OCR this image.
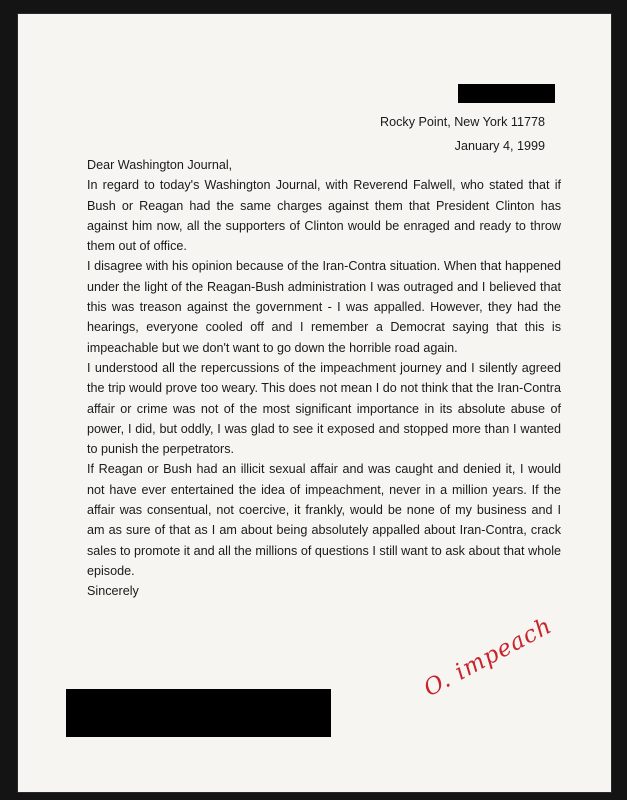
Rocky Point, New York 11778
January 4, 1999
Dear Washington Journal,

In regard to today's Washington Journal, with Reverend Falwell, who stated that if Bush or Reagan had the same charges against them that President Clinton has against him now, all the supporters of Clinton would be enraged and ready to throw them out of office.

I disagree with his opinion because of the Iran-Contra situation. When that happened under the light of the Reagan-Bush administration I was outraged and I believed that this was treason against the government - I was appalled. However, they had the hearings, everyone cooled off and I remember a Democrat saying that this is impeachable but we don't want to go down the horrible road again.

I understood all the repercussions of the impeachment journey and I silently agreed the trip would prove too weary. This does not mean I do not think that the Iran-Contra affair or crime was not of the most significant importance in its absolute abuse of power, I did, but oddly, I was glad to see it exposed and stopped more than I wanted to punish the perpetrators.

If Reagan or Bush had an illicit sexual affair and was caught and denied it, I would not have ever entertained the idea of impeachment, never in a million years. If the affair was consentual, not coercive, it frankly, would be none of my business and I am as sure of that as I am about being absolutely appalled about Iran-Contra, crack sales to promote it and all the millions of questions I still want to ask about that whole episode.

Sincerely
O. impeach
